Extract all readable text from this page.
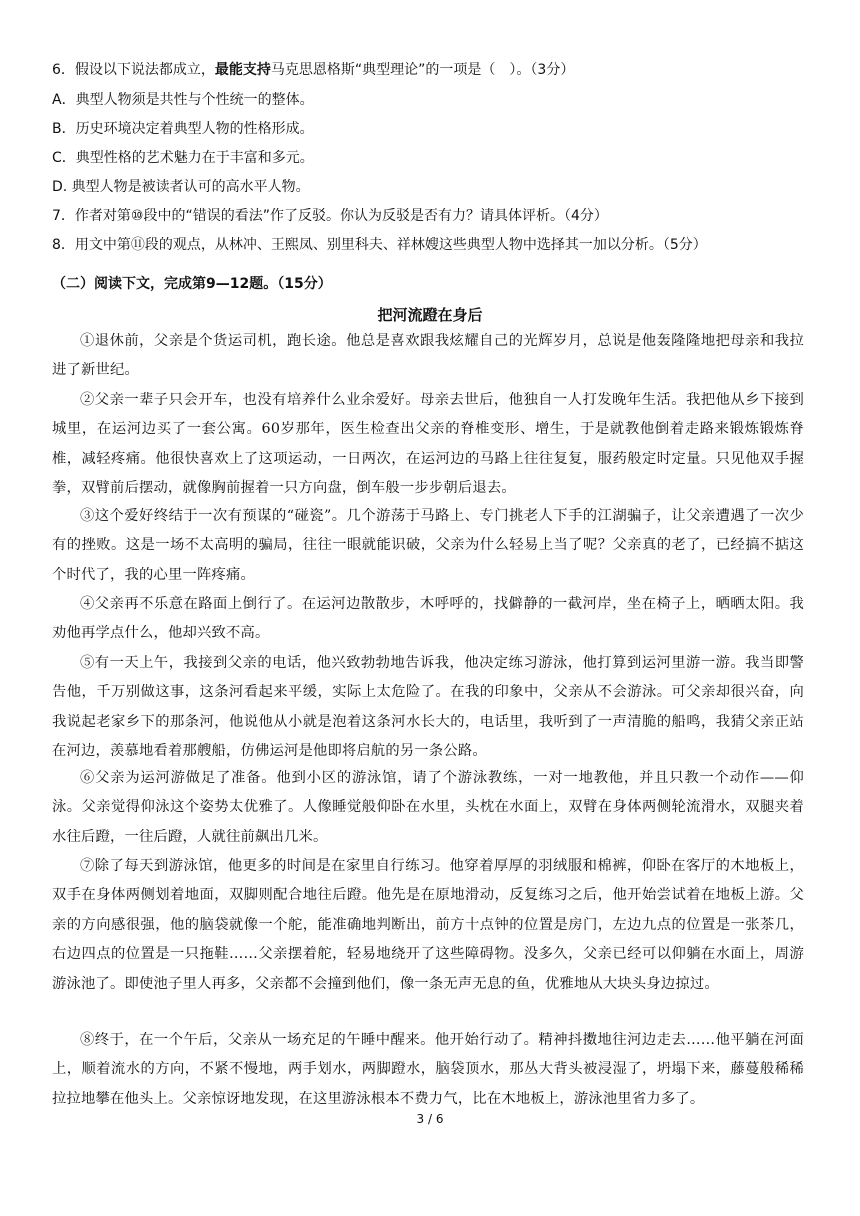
6．假设以下说法都成立，最能支持马克思恩格斯“典型理论”的一项是（　）。（3分）
A．典型人物须是共性与个性统一的整体。
B．历史环境决定着典型人物的性格形成。
C．典型性格的艺术魅力在于丰富和多元。
D. 典型人物是被读者认可的高水平人物。
7．作者对第⑩段中的“错误的看法”作了反驳。你认为反驳是否有力？请具体评析。（4分）
8．用文中第⑪段的观点，从林冲、王熙凤、别里科夫、祥林嫂这些典型人物中选择其一加以分析。（5分）
（二）阅读下文，完成第9—12题。（15分）
把河流蹬在身后
①退休前，父亲是个货运司机，跑长途。他总是喜欢跟我炫耀自己的光辉岁月，总说是他轰隆隆地把母亲和我拉进了新世纪。
②父亲一辈子只会开车，也没有培养什么业余爱好。母亲去世后，他独自一人打发晚年生活。我把他从乡下接到城里，在运河边买了一套公寓。60岁那年，医生检查出父亲的脊椎变形、增生，于是就教他倒着走路来锻炼锻炼脊椎，减轻疼痛。他很快喜欢上了这项运动，一日两次，在运河边的马路上往往复复，服药般定时定量。只见他双手握拳，双臂前后摆动，就像胸前握着一只方向盘，倒车般一步步朝后退去。
③这个爱好终结于一次有预谋的“碰瓷”。几个游荡于马路上、专门挑老人下手的江湖骗子，让父亲遭遇了一次少有的挫败。这是一场不太高明的骗局，往往一眼就能识破，父亲为什么轻易上当了呢？父亲真的老了，已经搞不掂这个时代了，我的心里一阵疼痛。
④父亲再不乐意在路面上倒行了。在运河边散散步，木呼呼的，找僻静的一截河岸，坐在椅子上，晒晒太阳。我劝他再学点什么，他却兴致不高。
⑤有一天上午，我接到父亲的电话，他兴致勃勃地告诉我，他决定练习游泳，他打算到运河里游一游。我当即警告他，千万别做这事，这条河看起来平缓，实际上太危险了。在我的印象中，父亲从不会游泳。可父亲却很兴奋，向我说起老家乡下的那条河，他说他从小就是泡着这条河水长大的，电话里，我听到了一声清脆的船鸣，我猜父亲正站在河边，羡慕地看着那艘船，仿佛运河是他即将启航的另一条公路。
⑥父亲为运河游做足了准备。他到小区的游泳馆，请了个游泳教练，一对一地教他，并且只教一个动作——仰泳。父亲觉得仰泳这个姿势太优雅了。人像睡觉般仰卧在水里，头枕在水面上，双臂在身体两侧轮流滑水，双腿夹着水往后蹬，一往后蹬，人就往前飙出几米。
⑦除了每天到游泳馆，他更多的时间是在家里自行练习。他穿着厚厚的羽绒服和棉裤，仰卧在客厅的木地板上，双手在身体两侧划着地面，双脚则配合地往后蹬。他先是在原地滑动，反复练习之后，他开始尝试着在地板上游。父亲的方向感很强，他的脑袋就像一个舵，能准确地判断出，前方十点钟的位置是房门，左边九点的位置是一张茶几，右边四点的位置是一只拖鞋……父亲摆着舵，轻易地绕开了这些障碍物。没多久，父亲已经可以仰躺在水面上，周游游泳池了。即使池子里人再多，父亲都不会撞到他们，像一条无声无息的鱼，优雅地从大块头身边掠过。
⑧终于，在一个午后，父亲从一场充足的午睡中醒来。他开始行动了。精神抖擞地往河边走去……他平躺在河面上，顺着流水的方向，不紧不慢地，两手划水，两脚蹬水，脑袋顶水，那丛大背头被浸湿了，坍塌下来，藤蔓般稀稀拉拉地攀在他头上。父亲惊讶地发现，在这里游泳根本不费力气，比在木地板上，游泳池里省力多了。
3 / 6
